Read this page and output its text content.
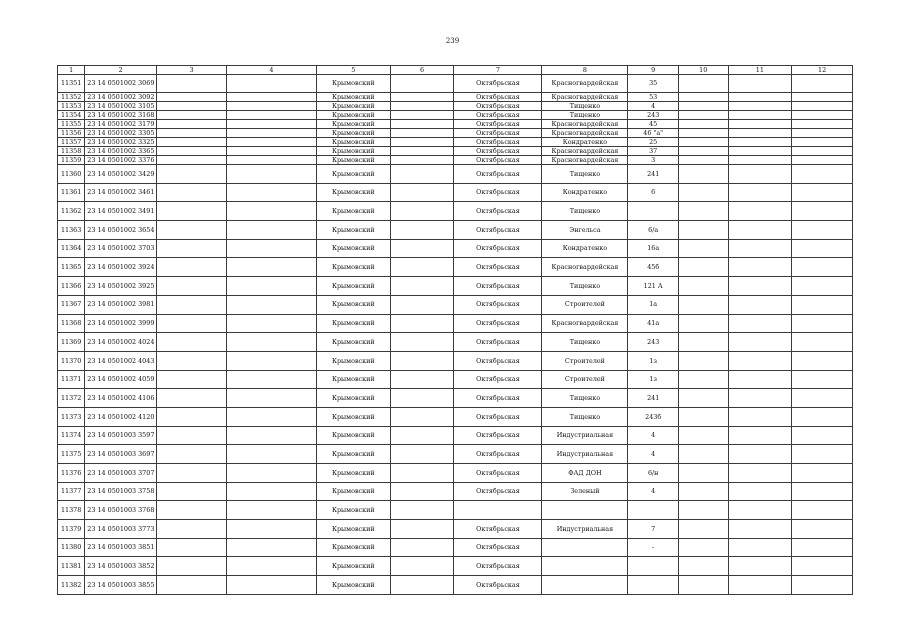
239
1	2	3	4	5	6	7	8	9	10	11	12
11351	23 14 0501002 3069			Крымовский		Октябрьская	Красногвардейская	35			
11352	23 14 0501002 3092			Крымовский		Октябрьская	Красногвардейская	53			
11353	23 14 0501002 3105			Крымовский		Октябрьская	Тищенко	4			
11354	23 14 0501002 3168			Крымовский		Октябрьская	Тищенко	243			
11355	23 14 0501002 3179			Крымовский		Октябрьская	Красногвардейская	45			
11356	23 14 0501002 3305			Крымовский		Октябрьская	Красногвардейская	46 "а"			
11357	23 14 0501002 3325			Крымовский		Октябрьская	Кондратенко	25			
11358	23 14 0501002 3365			Крымовский		Октябрьская	Красногвардейская	37			
11359	23 14 0501002 3376			Крымовский		Октябрьская	Красногвардейская	3			
11360	23 14 0501002 3429			Крымовский		Октябрьская	Тищенко	241			
11361	23 14 0501002 3461			Крымовский		Октябрьская	Кондратенко	6			
11362	23 14 0501002 3491			Крымовский		Октябрьская	Тищенко				
11363	23 14 0501002 3654			Крымовский		Октябрьская	Энгельса	6/а			
11364	23 14 0501002 3703			Крымовский		Октябрьская	Кондратенко	16а			
11365	23 14 0501002 3924			Крымовский		Октябрьская	Красногвардейская	45б			
11366	23 14 0501002 3925			Крымовский		Октябрьская	Тищенко	121 А			
11367	23 14 0501002 3981			Крымовский		Октябрьская	Строителей	1а			
11368	23 14 0501002 3999			Крымовский		Октябрьская	Красногвардейская	41а			
11369	23 14 0501002 4024			Крымовский		Октябрьская	Тищенко	243			
11370	23 14 0501002 4043			Крымовский		Октябрьская	Строителей	1з			
11371	23 14 0501002 4059			Крымовский		Октябрьская	Строителей	1з			
11372	23 14 0501002 4106			Крымовский		Октябрьская	Тищенко	241			
11373	23 14 0501002 4120			Крымовский		Октябрьская	Тищенко	243б			
11374	23 14 0501003 3597			Крымовский		Октябрьская	Индустриальная	4			
11375	23 14 0501003 3697			Крымовский		Октябрьская	Индустриальная	4			
11376	23 14 0501003 3707			Крымовский		Октябрьская	ФАД ДОН	6/н			
11377	23 14 0501003 3758			Крымовский		Октябрьская	Зеленый	4			
11378	23 14 0501003 3768			Крымовский							
11379	23 14 0501003 3773			Крымовский		Октябрьская	Индустриальная	7			
11380	23 14 0501003 3851			Крымовский		Октябрьская		-			
11381	23 14 0501003 3852			Крымовский		Октябрьская					
11382	23 14 0501003 3855			Крымовский		Октябрьская					
